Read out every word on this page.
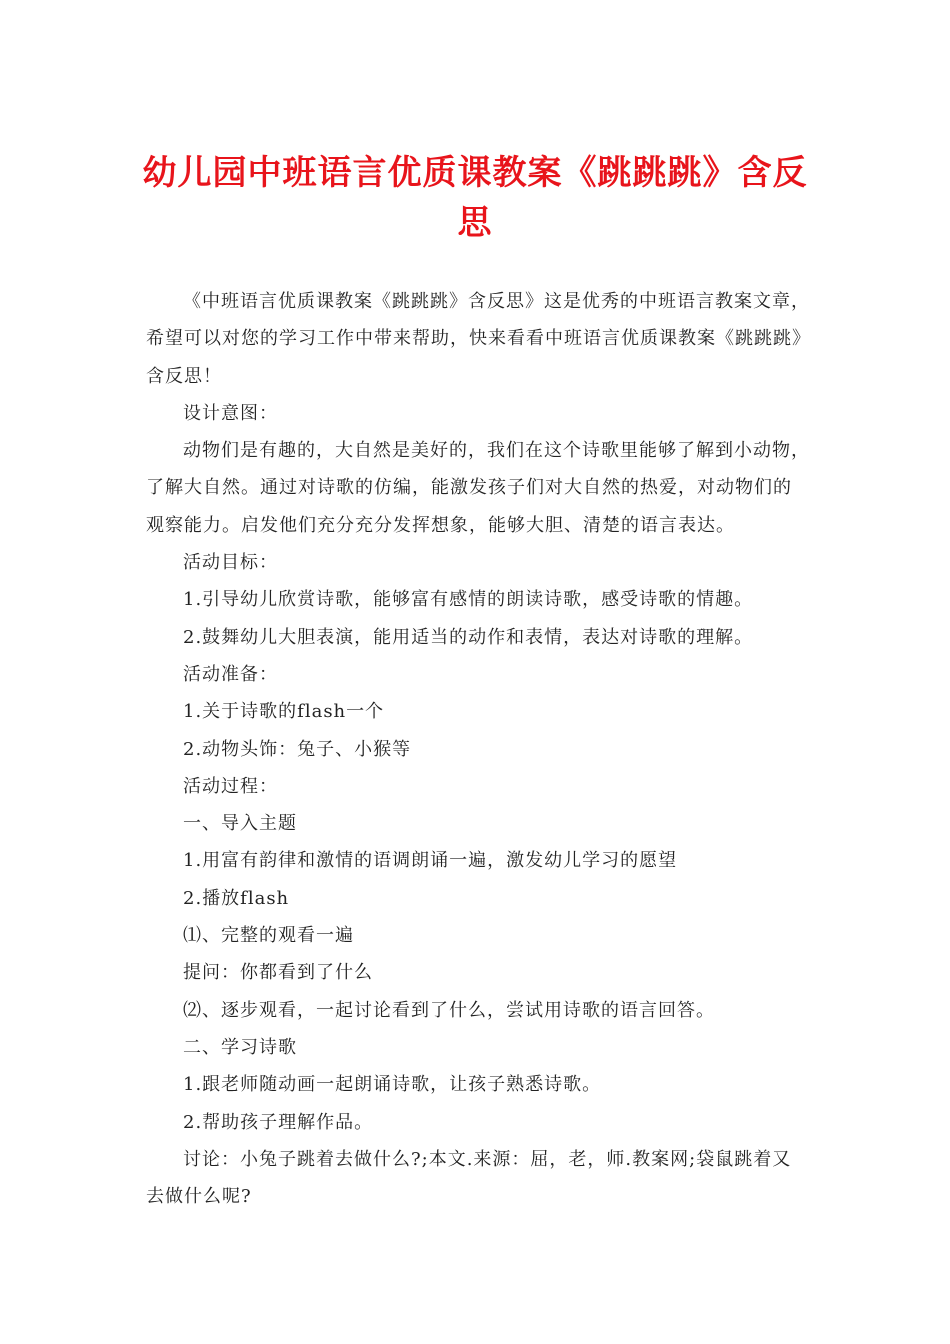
幼儿园中班语言优质课教案《跳跳跳》含反思

《中班语言优质课教案《跳跳跳》含反思》这是优秀的中班语言教案文章，希望可以对您的学习工作中带来帮助，快来看看中班语言优质课教案《跳跳跳》含反思！

设计意图：

动物们是有趣的，大自然是美好的，我们在这个诗歌里能够了解到小动物，了解大自然。通过对诗歌的仿编，能激发孩子们对大自然的热爱，对动物们的观察能力。启发他们充分充分发挥想象，能够大胆、清楚的语言表达。

活动目标：

1.引导幼儿欣赏诗歌，能够富有感情的朗读诗歌，感受诗歌的情趣。

2.鼓舞幼儿大胆表演，能用适当的动作和表情，表达对诗歌的理解。

活动准备：

1.关于诗歌的flash一个

2.动物头饰：兔子、小猴等

活动过程：

一、导入主题

1.用富有韵律和激情的语调朗诵一遍，激发幼儿学习的愿望

2.播放flash

⑴、完整的观看一遍

提问：你都看到了什么

⑵、逐步观看，一起讨论看到了什么，尝试用诗歌的语言回答。

二、学习诗歌

1.跟老师随动画一起朗诵诗歌，让孩子熟悉诗歌。

2.帮助孩子理解作品。

讨论：小兔子跳着去做什么?;本文.来源：屈，老，师.教案网;袋鼠跳着又去做什么呢?
